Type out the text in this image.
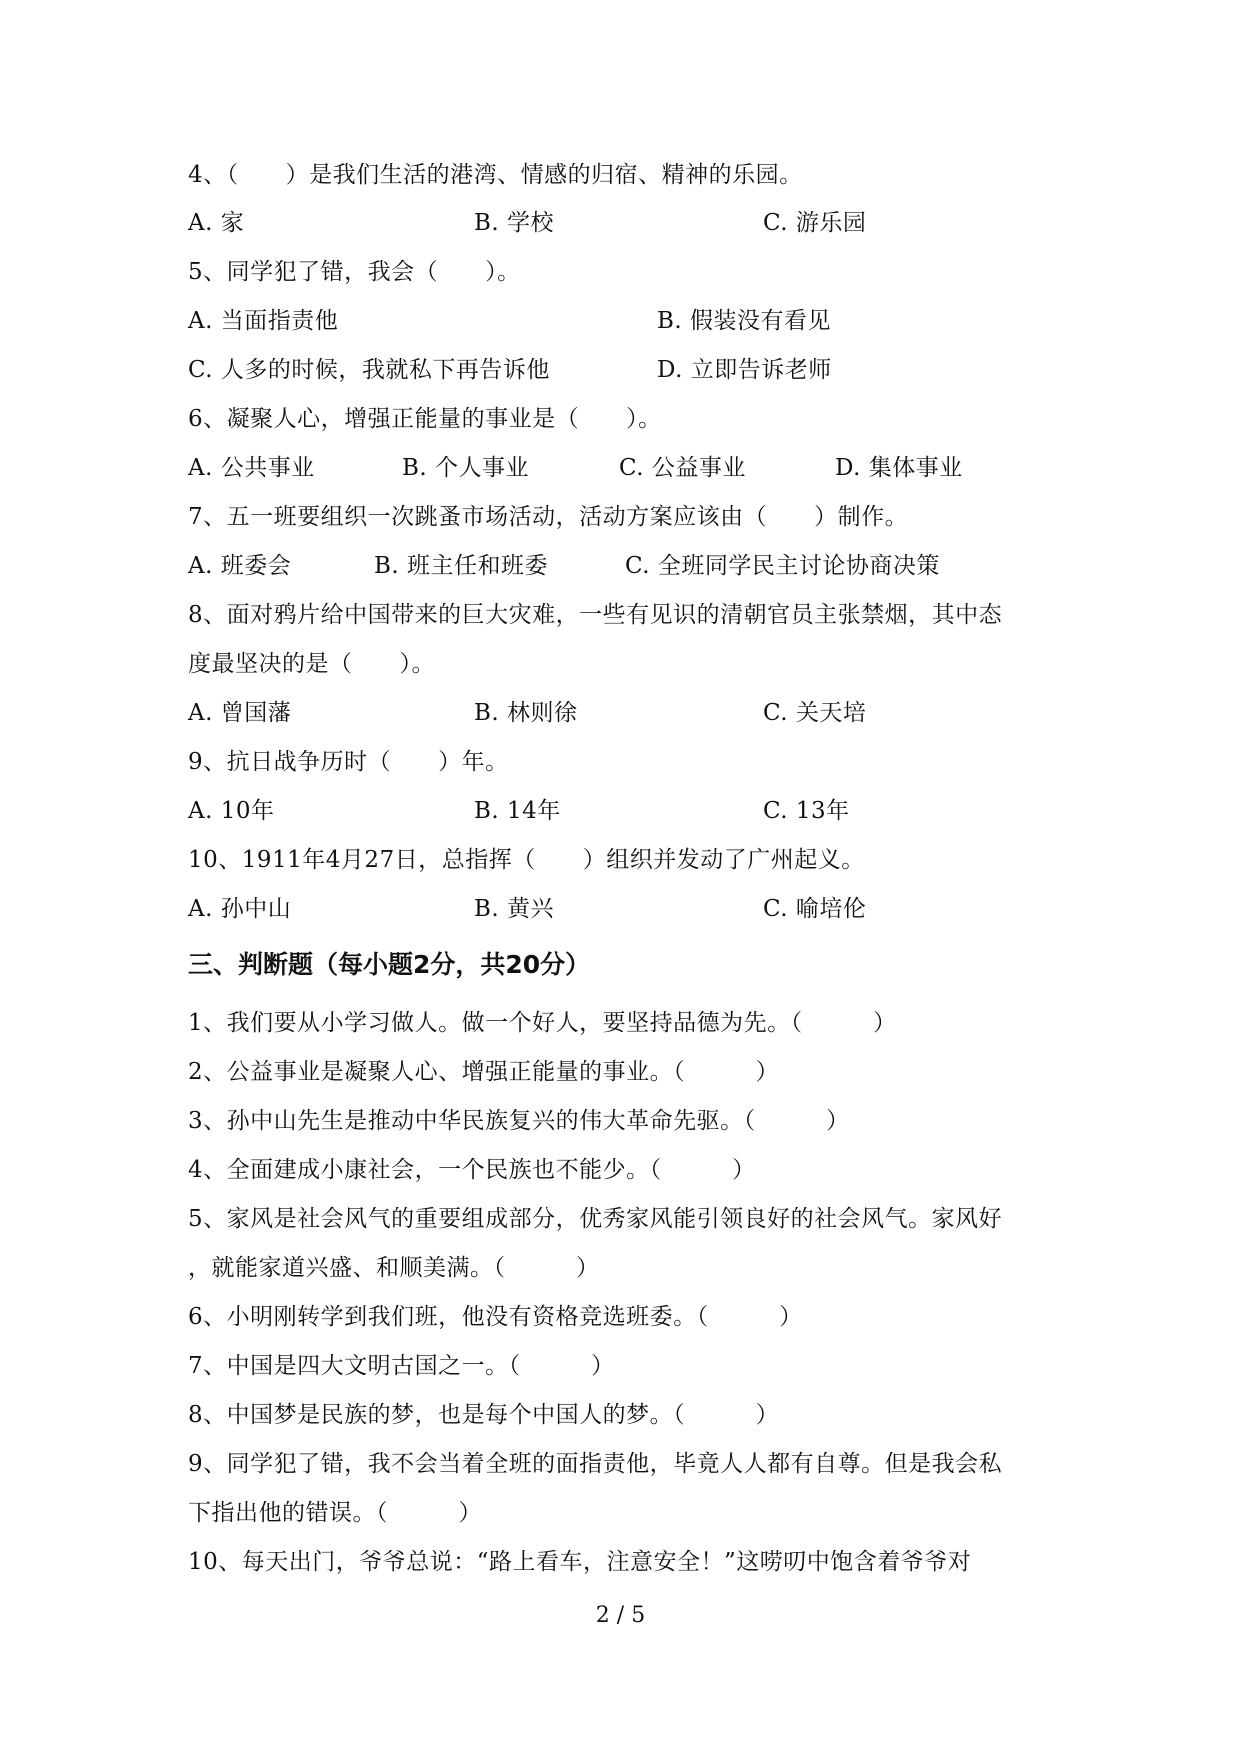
4、（　　）是我们生活的港湾、情感的归宿、精神的乐园。
A. 家	B. 学校	C. 游乐园
5、同学犯了错，我会（　　）。
A. 当面指责他	B. 假装没有看见
C. 人多的时候，我就私下再告诉他	D. 立即告诉老师
6、凝聚人心，增强正能量的事业是（　　）。
A. 公共事业	B. 个人事业	C. 公益事业	D. 集体事业
7、五一班要组织一次跳蚤市场活动，活动方案应该由（　　）制作。
A. 班委会	B. 班主任和班委	C. 全班同学民主讨论协商决策
8、面对鸦片给中国带来的巨大灾难，一些有见识的清朝官员主张禁烟，其中态
度最坚决的是（　　）。
A. 曾国藩	B. 林则徐	C. 关天培
9、抗日战争历时（　　）年。
A. 10年	B. 14年	C. 13年
10、1911年4月27日，总指挥（　　）组织并发动了广州起义。
A. 孙中山	B. 黄兴	C. 喻培伦
三、判断题（每小题2分，共20分）
1、我们要从小学习做人。做一个好人，要坚持品德为先。（　　　）
2、公益事业是凝聚人心、增强正能量的事业。（　　　）
3、孙中山先生是推动中华民族复兴的伟大革命先驱。（　　　）
4、全面建成小康社会，一个民族也不能少。（　　　）
5、家风是社会风气的重要组成部分，优秀家风能引领良好的社会风气。家风好
，就能家道兴盛、和顺美满。（　　　）
6、小明刚转学到我们班，他没有资格竞选班委。（　　　）
7、中国是四大文明古国之一。（　　　）
8、中国梦是民族的梦，也是每个中国人的梦。（　　　）
9、同学犯了错，我不会当着全班的面指责他，毕竟人人都有自尊。但是我会私
下指出他的错误。（　　　）
10、每天出门，爷爷总说：“路上看车，注意安全！”这唠叨中饱含着爷爷对
2 / 5
